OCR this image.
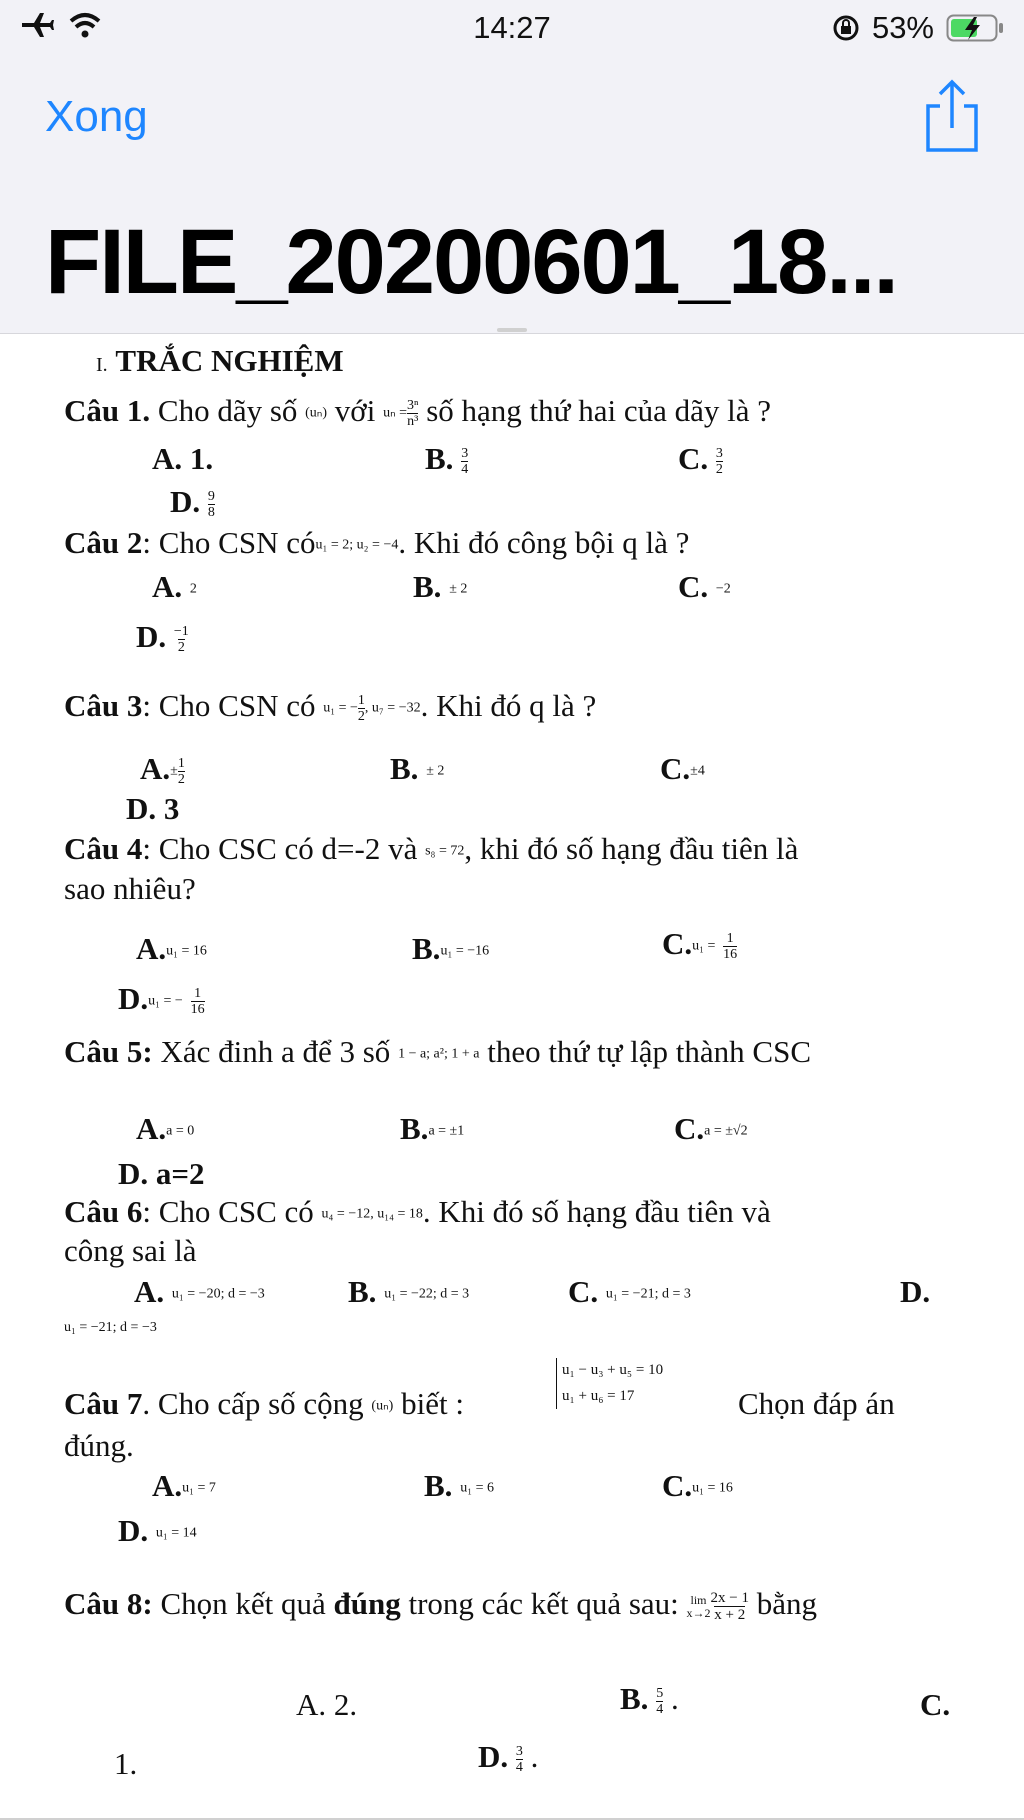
14:27	53%
Xong
FILE_20200601_18...
I. TRẮC NGHIỆM
Câu 1. Cho dãy số (uₙ) với $u_n = \frac{\text{3ⁿ}}{\text{n³}}$ số hạng thứ hai của dãy là ?
A. 1.	B. $\frac{3}{4}$	C. $\frac{3}{2}$
D. $\frac{9}{8}$
Câu 2: Cho CSN cóu₁ = 2; u₂ = −4. Khi đó công bội q là ?
A. 2	B. ± 2	C. −2
D. $\frac{-1}{2}$
Câu 3: Cho CSN có u₁ = − $\frac{1}{2}$ , u₇ = −32. Khi đó q là ?
$A.\pm \frac{1}{2}$	B. ± 2	C.±4
D. 3
Câu 4: Cho CSC có d=-2 và s₈ = 72, khi đó số hạng đầu tiên là
sao nhiêu?
A.u₁ = 16	B.u₁ = −16	$C.u_1 = \frac{1}{16}$
D.u₁ = − $\frac{1}{16}$
Câu 5: Xác đinh a để 3 số 1 − a; a²; 1 + a theo thứ tự lập thành CSC
A.a = 0	B.a = ±1	C.a = ±√2
D. a=2
Câu 6: Cho CSC có u₄ = −12, u₁₄ = 18. Khi đó số hạng đầu tiên và
công sai là
A. u₁ = −20; d = −3	B. u₁ = −22; d = 3	C. u₁ = −21; d = 3	D.
u₁ = −21; d = −3
Câu 7. Cho cấp số cộng (uₙ) biết :
u₁ − u₃ + u₅ = 10
u₁ + u₆ = 17	Chọn đáp án
đúng.
A.u₁ = 7	B. u₁ = 6	C.u₁ = 16
D. u₁ = 14
Câu 8: Chọn kết quả đúng trong các kết quả sau: lim
$x\to 2 \frac{2x - 1}{x + 2}$ bằng
A. 2.	B. $\frac{5}{4}$ .	C.
1.	D. $\frac{3}{4}$ .
